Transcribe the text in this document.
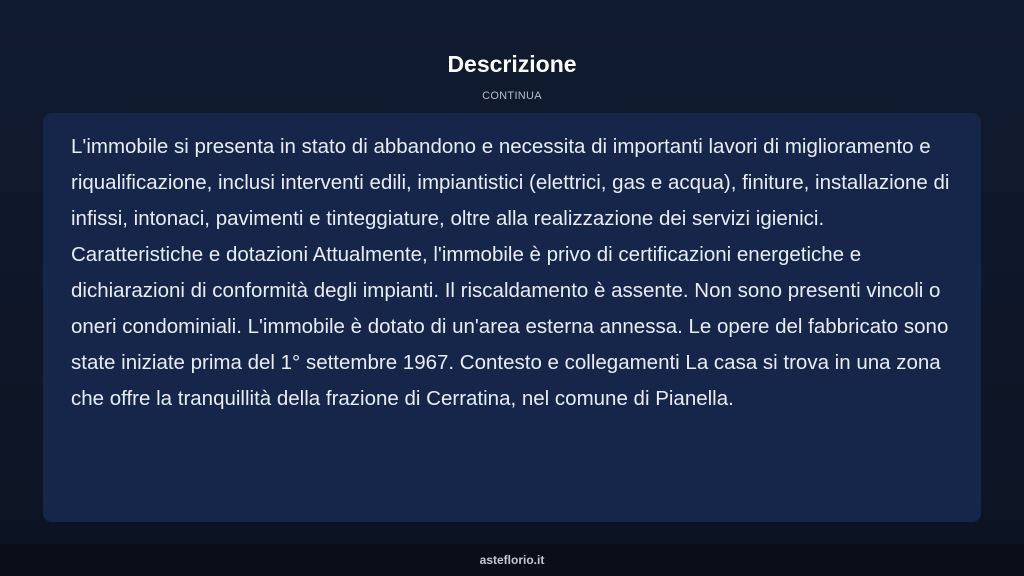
Descrizione
CONTINUA

L'immobile si presenta in stato di abbandono e necessita di importanti lavori di miglioramento e riqualificazione, inclusi interventi edili, impiantistici (elettrici, gas e acqua), finiture, installazione di infissi, intonaci, pavimenti e tinteggiature, oltre alla realizzazione dei servizi igienici. Caratteristiche e dotazioni Attualmente, l'immobile è privo di certificazioni energetiche e dichiarazioni di conformità degli impianti. Il riscaldamento è assente. Non sono presenti vincoli o oneri condominiali. L'immobile è dotato di un'area esterna annessa. Le opere del fabbricato sono state iniziate prima del 1° settembre 1967. Contesto e collegamenti La casa si trova in una zona che offre la tranquillità della frazione di Cerratina, nel comune di Pianella.

asteflorio.it
